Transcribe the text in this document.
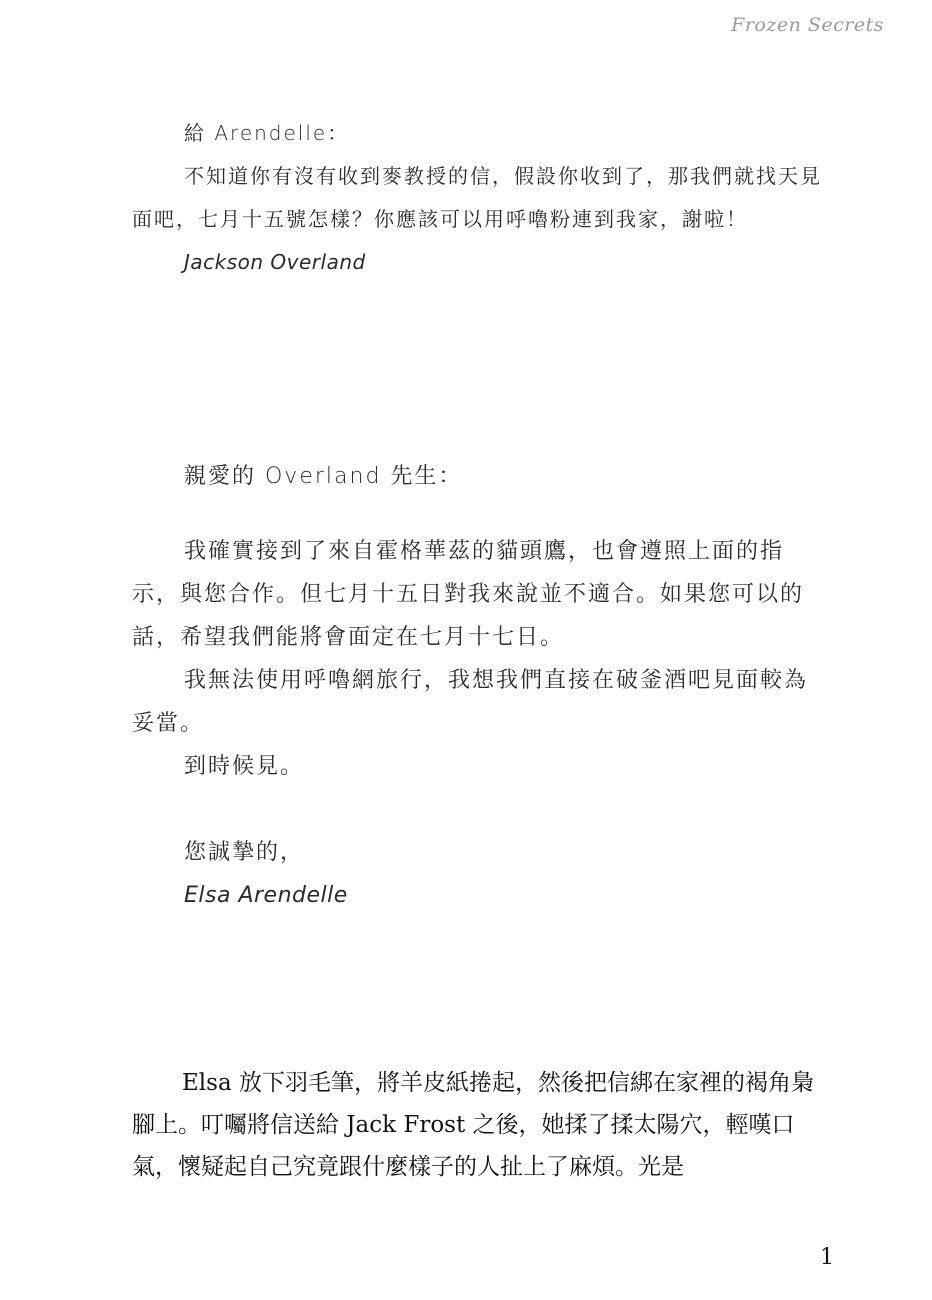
Frozen Secrets

給 Arendelle：

不知道你有沒有收到麥教授的信，假設你收到了，那我們就找天見面吧，七月十五號怎樣？你應該可以用呼嚕粉連到我家，謝啦！

Jackson Overland

親愛的 Overland 先生：

我確實接到了來自霍格華茲的貓頭鷹，也會遵照上面的指示，與您合作。但七月十五日對我來說並不適合。如果您可以的話，希望我們能將會面定在七月十七日。

我無法使用呼嚕網旅行，我想我們直接在破釜酒吧見面較為妥當。

到時候見。

您誠摯的，

Elsa Arendelle

Elsa 放下羽毛筆，將羊皮紙捲起，然後把信綁在家裡的褐角梟腳上。叮囑將信送給 Jack Frost 之後，她揉了揉太陽穴，輕嘆口氣，懷疑起自己究竟跟什麼樣子的人扯上了麻煩。光是

1
